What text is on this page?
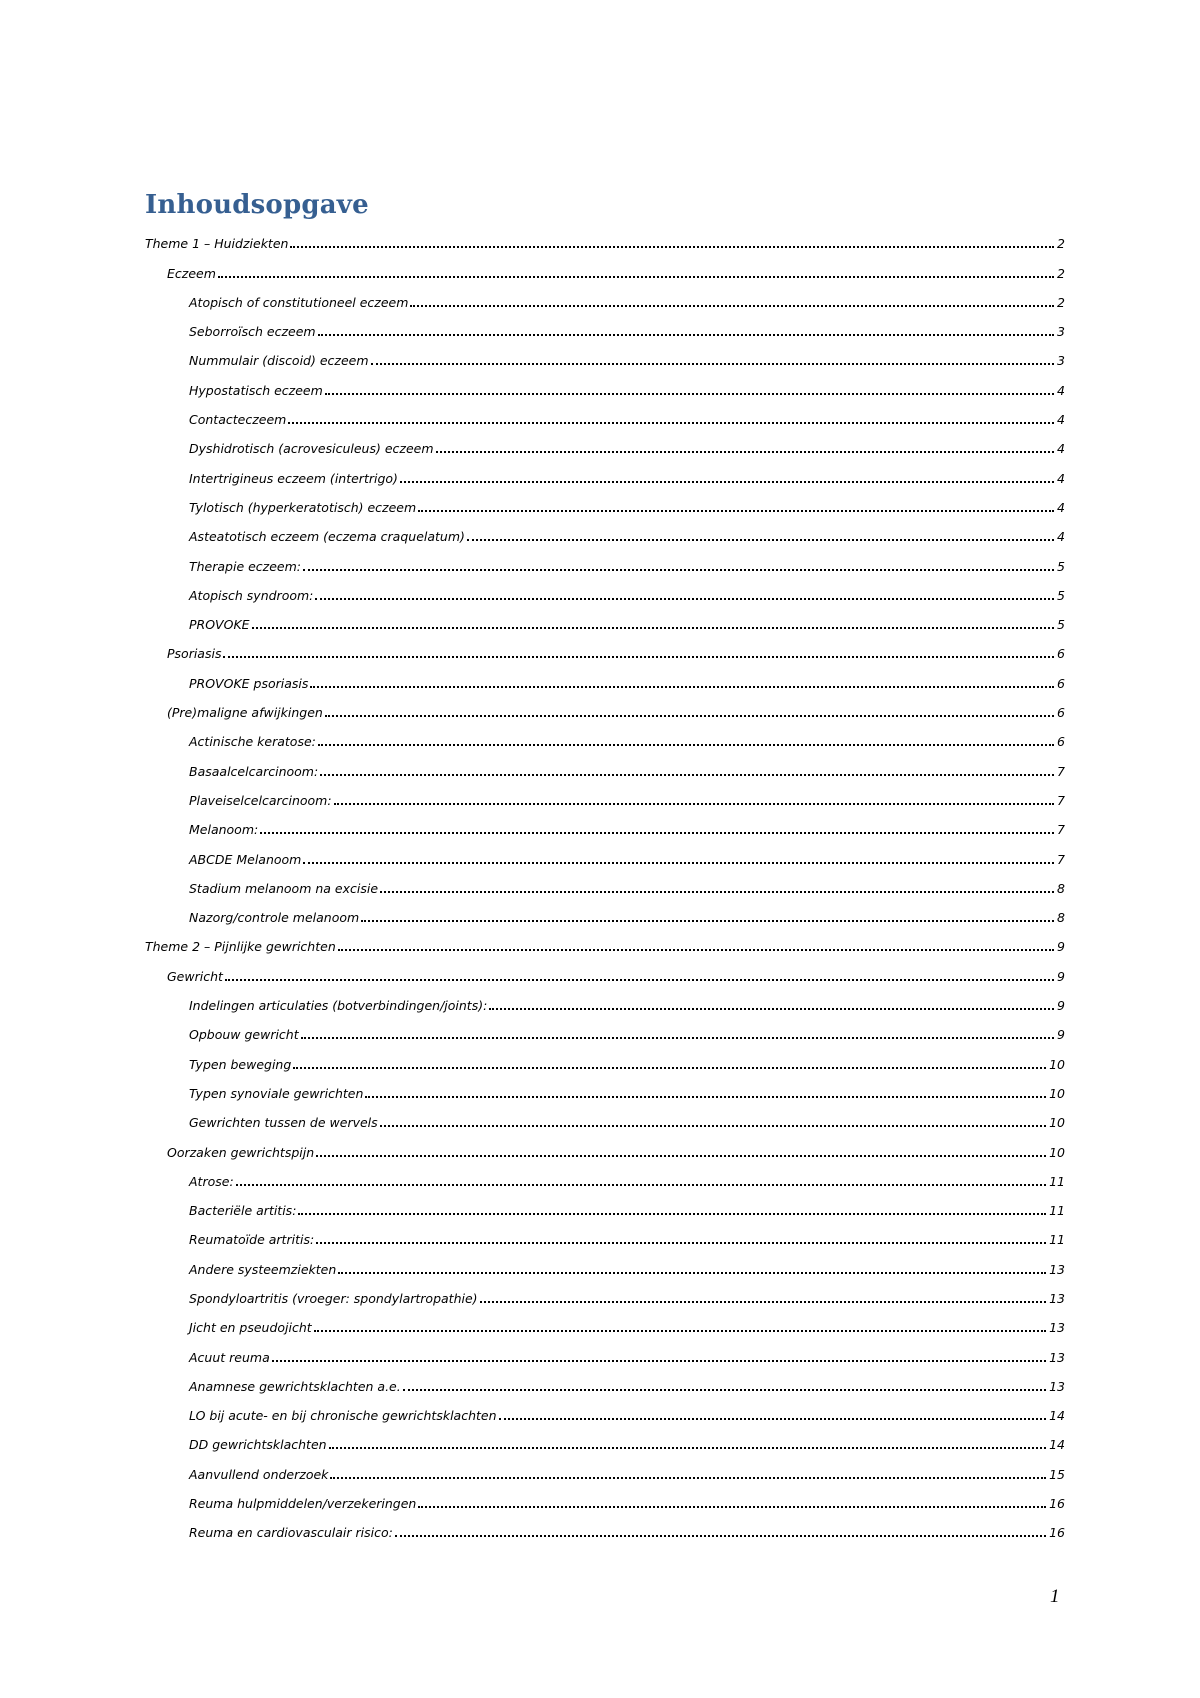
Inhoudsopgave
Theme 1 – Huidziekten	2
Eczeem	2
Atopisch of constitutioneel eczeem	2
Seborroïsch eczeem	3
Nummulair (discoid) eczeem	3
Hypostatisch eczeem	4
Contacteczeem	4
Dyshidrotisch (acrovesiculeus) eczeem	4
Intertrigineus eczeem (intertrigo)	4
Tylotisch (hyperkeratotisch) eczeem	4
Asteatotisch eczeem (eczema craquelatum)	4
Therapie eczeem:	5
Atopisch syndroom:	5
PROVOKE	5
Psoriasis	6
PROVOKE psoriasis	6
(Pre)maligne afwijkingen	6
Actinische keratose:	6
Basaalcelcarcinoom:	7
Plaveiselcelcarcinoom:	7
Melanoom:	7
ABCDE Melanoom	7
Stadium melanoom na excisie	8
Nazorg/controle melanoom	8
Theme 2 – Pijnlijke gewrichten	9
Gewricht	9
Indelingen articulaties (botverbindingen/joints):	9
Opbouw gewricht	9
Typen beweging	10
Typen synoviale gewrichten	10
Gewrichten tussen de wervels	10
Oorzaken gewrichtspijn	10
Atrose:	11
Bacteriële artitis:	11
Reumatoïde artritis:	11
Andere systeemziekten	13
Spondyloartritis (vroeger: spondylartropathie)	13
Jicht en pseudojicht	13
Acuut reuma	13
Anamnese gewrichtsklachten a.e.	13
LO bij acute- en bij chronische gewrichtsklachten	14
DD gewrichtsklachten	14
Aanvullend onderzoek	15
Reuma hulpmiddelen/verzekeringen	16
Reuma en cardiovasculair risico:	16
1
